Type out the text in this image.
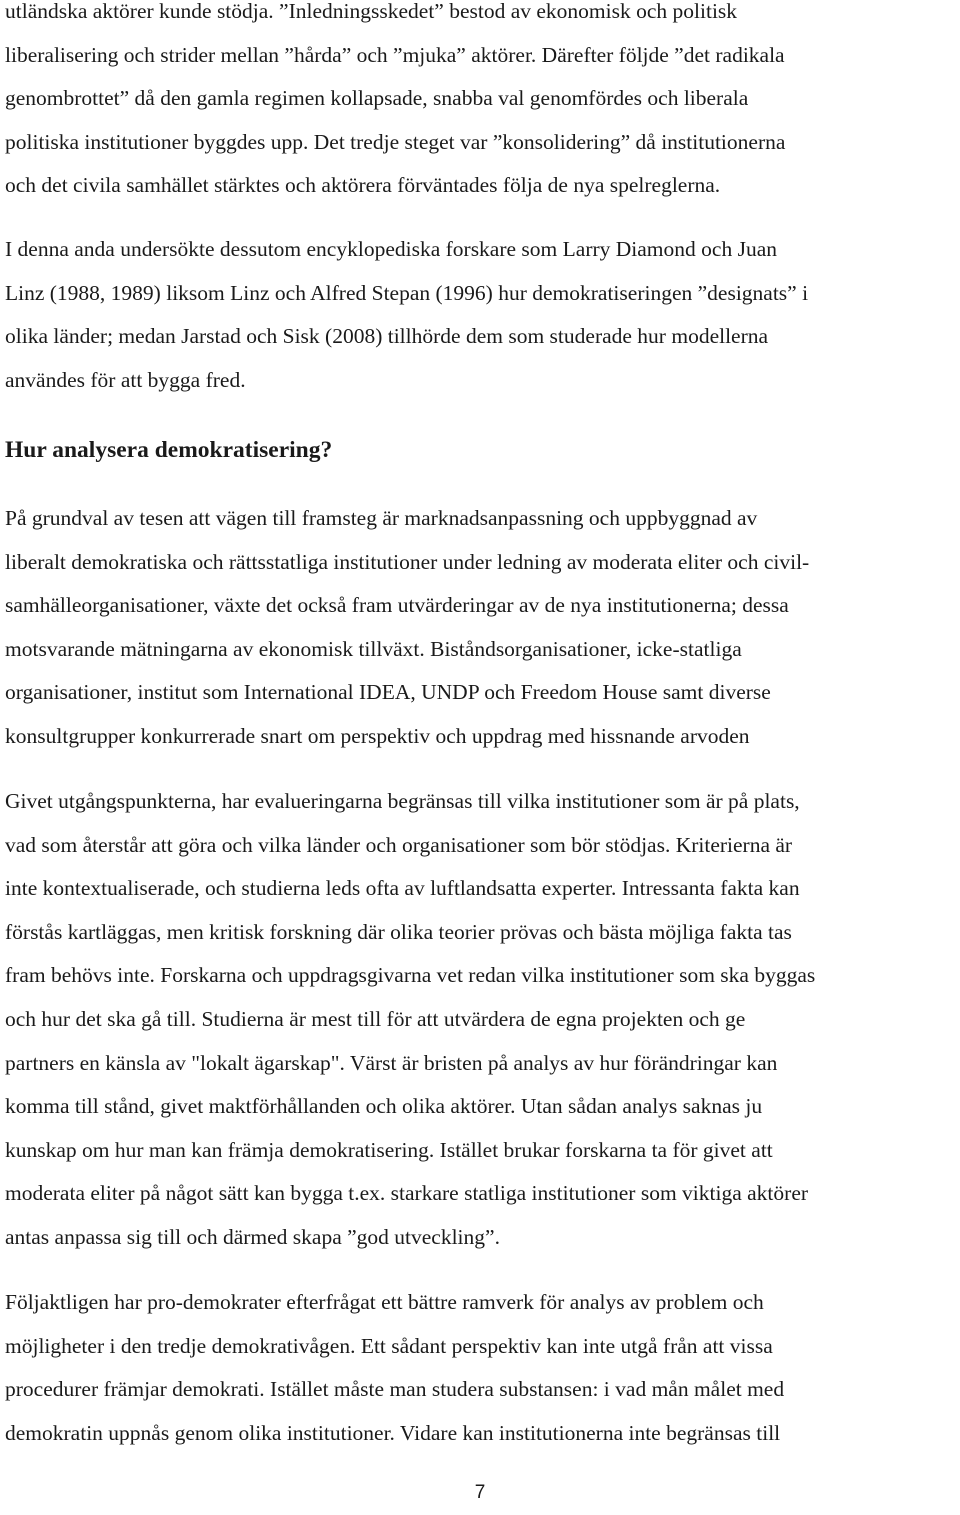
utländska aktörer kunde stödja. ”Inledningsskedet” bestod av ekonomisk och politisk
liberalisering och strider mellan ”hårda” och ”mjuka” aktörer. Därefter följde ”det radikala
genombrottet” då den gamla regimen kollapsade, snabba val genomfördes och liberala
politiska institutioner byggdes upp. Det tredje steget var ”konsolidering” då institutionerna
och det civila samhället stärktes och aktörera förväntades följa de nya spelreglerna.

I denna anda undersökte dessutom encyklopediska forskare som Larry Diamond och Juan
Linz (1988, 1989) liksom Linz och Alfred Stepan (1996) hur demokratiseringen ”designats” i
olika länder; medan Jarstad och Sisk (2008) tillhörde dem som studerade hur modellerna
användes för att bygga fred.

Hur analysera demokratisering?

På grundval av tesen att vägen till framsteg är marknadsanpassning och uppbyggnad av
liberalt demokratiska och rättsstatliga institutioner under ledning av moderata eliter och civil-
samhälleorganisationer, växte det också fram utvärderingar av de nya institutionerna; dessa
motsvarande mätningarna av ekonomisk tillväxt. Biståndsorganisationer, icke-statliga
organisationer, institut som International IDEA, UNDP och Freedom House samt diverse
konsultgrupper konkurrerade snart om perspektiv och uppdrag med hissnande arvoden

Givet utgångspunkterna, har evalueringarna begränsas till vilka institutioner som är på plats,
vad som återstår att göra och vilka länder och organisationer som bör stödjas. Kriterierna är
inte kontextualiserade, och studierna leds ofta av luftlandsatta experter. Intressanta fakta kan
förstås kartläggas, men kritisk forskning där olika teorier prövas och bästa möjliga fakta tas
fram behövs inte. Forskarna och uppdragsgivarna vet redan vilka institutioner som ska byggas
och hur det ska gå till. Studierna är mest till för att utvärdera de egna projekten och ge
partners en känsla av "lokalt ägarskap". Värst är bristen på analys av hur förändringar kan
komma till stånd, givet maktförhållanden och olika aktörer. Utan sådan analys saknas ju
kunskap om hur man kan främja demokratisering. Istället brukar forskarna ta för givet att
moderata eliter på något sätt kan bygga t.ex. starkare statliga institutioner som viktiga aktörer
antas anpassa sig till och därmed skapa ”god utveckling”.

Följaktligen har pro-demokrater efterfrågat ett bättre ramverk för analys av problem och
möjligheter i den tredje demokrativågen. Ett sådant perspektiv kan inte utgå från att vissa
procedurer främjar demokrati. Istället måste man studera substansen: i vad mån målet med
demokratin uppnås genom olika institutioner. Vidare kan institutionerna inte begränsas till

7
